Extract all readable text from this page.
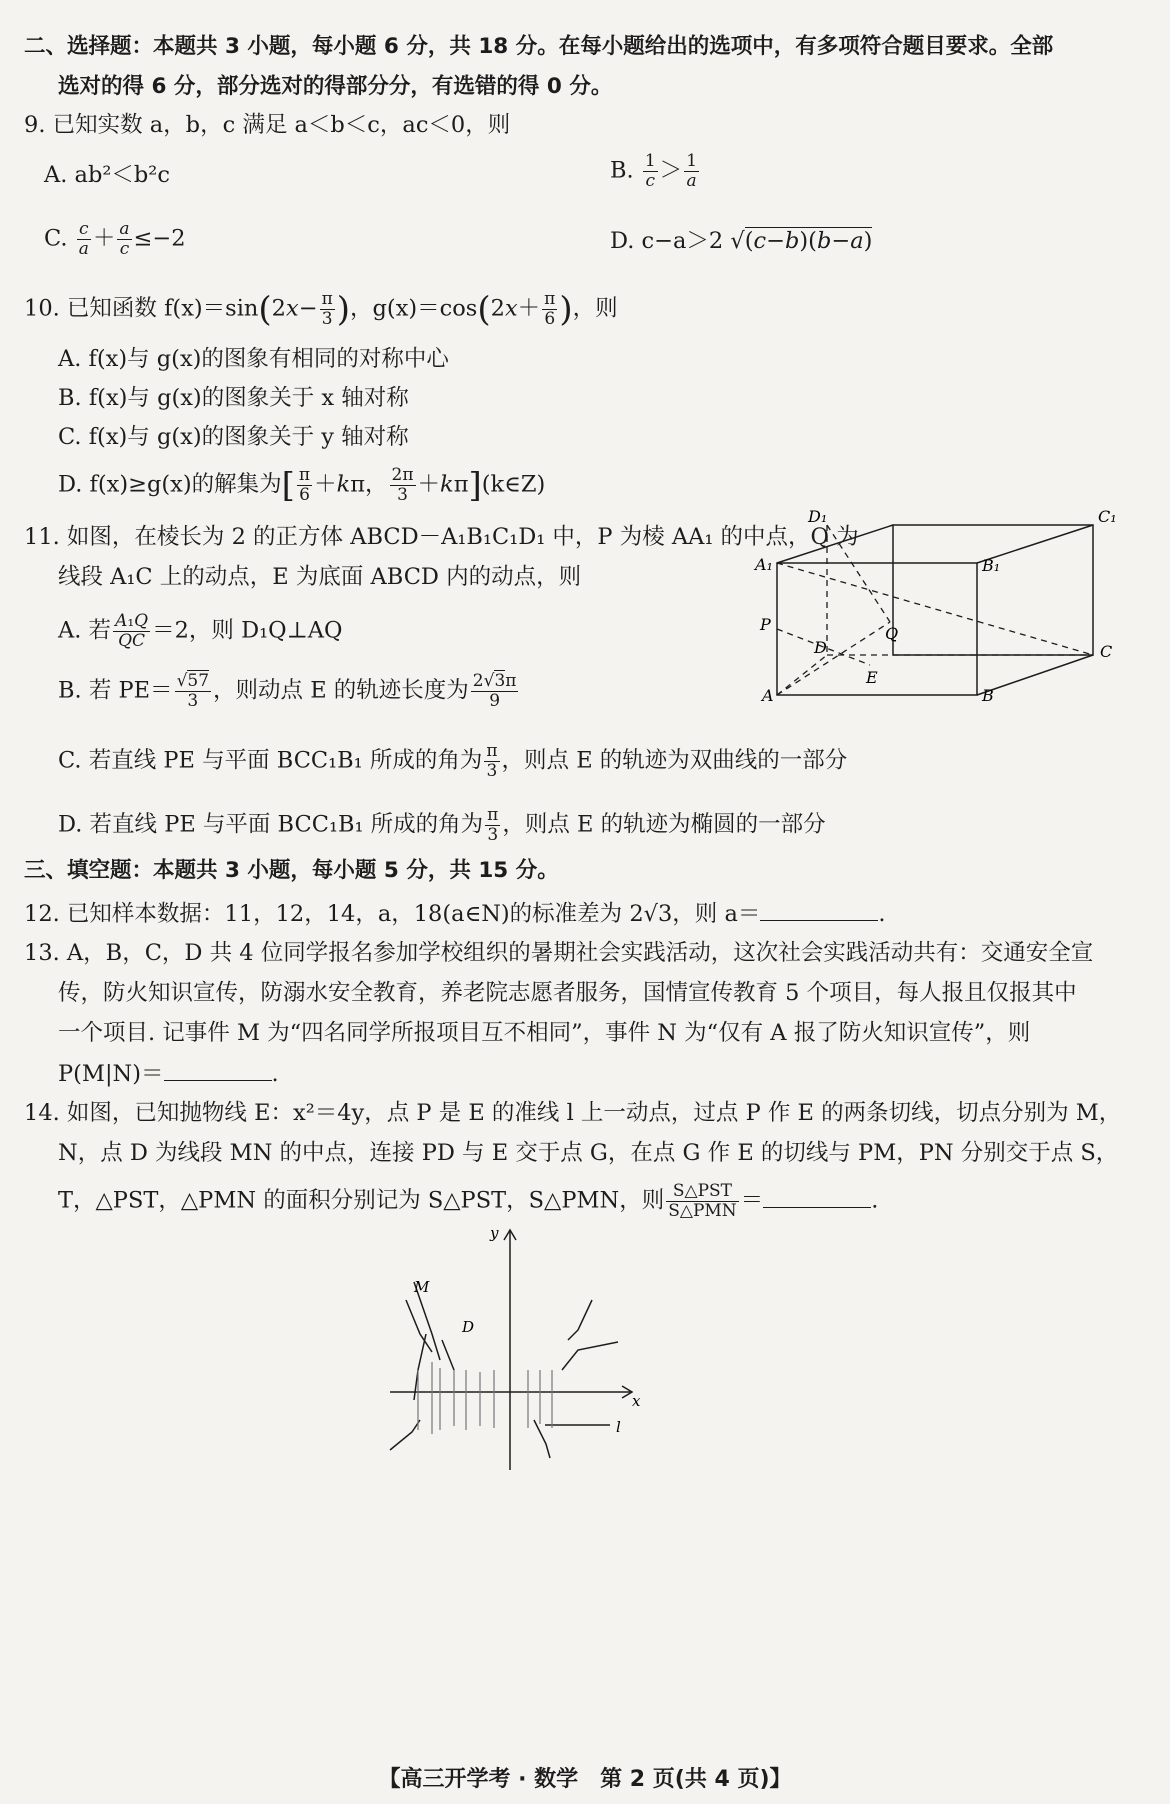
二、选择题：本题共 3 小题，每小题 6 分，共 18 分。在每小题给出的选项中，有多项符合题目要求。全部
选对的得 6 分，部分选对的得部分分，有选错的得 0 分。
9. 已知实数 a，b，c 满足 a＜b＜c，ac＜0，则
A. ab²＜b²c	B. $\frac{1}{c} > \frac{1}{a}$
C. $\frac{c}{a} + \frac{a}{c} \le-2$	D. c−a＞2 √(c−b)(b−a)
10. 已知函数 $f(x)=\sin(2x- \frac{\pi}{3}$ )，$g(x)=\cos(2x+ \frac{\pi}{6}$ )，则
A. f(x)与 g(x)的图象有相同的对称中心
B. f(x)与 g(x)的图象关于 x 轴对称
C. f(x)与 g(x)的图象关于 y 轴对称
D. f(x)≥g(x)的解集为[ $\frac{\pi}{6} +k\pi$， $\frac{2\pi}{3}$ ＋kπ](k∈Z)
11. 如图，在棱长为 2 的正方体 ABCD－A₁B₁C₁D₁ 中，P 为棱 AA₁ 的中点，Q 为
线段 A₁C 上的动点，E 为底面 ABCD 内的动点，则
A. 若 $\frac{\text{A₁Q}}{QC} =2$，则 D₁Q⊥AQ
B. 若 $PE= \frac{√57}{3}$ ，则动点 E 的轨迹长度为 $\frac{2√3\pi}{9}$
C. 若直线 PE 与平面 BCC₁B₁ 所成的角为 $\frac{\pi}{3}$ ，则点 E 的轨迹为双曲线的一部分
D. 若直线 PE 与平面 BCC₁B₁ 所成的角为 $\frac{\pi}{3}$ ，则点 E 的轨迹为椭圆的一部分
D₁	C₁
A₁	B₁
P	Q
D	C
A
E
B
三、填空题：本题共 3 小题，每小题 5 分，共 15 分。
12. 已知样本数据：11，12，14，a，18(a∈N)的标准差为 2√3，则 a＝	.
13. A，B，C，D 共 4 位同学报名参加学校组织的暑期社会实践活动，这次社会实践活动共有：交通安全宣
传，防火知识宣传，防溺水安全教育，养老院志愿者服务，国情宣传教育 5 个项目，每人报且仅报其中
一个项目. 记事件 M 为“四名同学所报项目互不相同”，事件 N 为“仅有 A 报了防火知识宣传”，则
P(M|N)＝	.
14. 如图，已知抛物线 E：x²＝4y，点 P 是 E 的准线 l 上一动点，过点 P 作 E 的两条切线，切点分别为 M，
N，点 D 为线段 MN 的中点，连接 PD 与 E 交于点 G，在点 G 作 E 的切线与 PM，PN 分别交于点 S，
T，△PST，△PMN 的面积分别记为 S△PST，S△PMN，则 S△PST
S△PMN ＝	.
y
x
M
D
l
【高三开学考 · 数学　第 2 页(共 4 页)】
